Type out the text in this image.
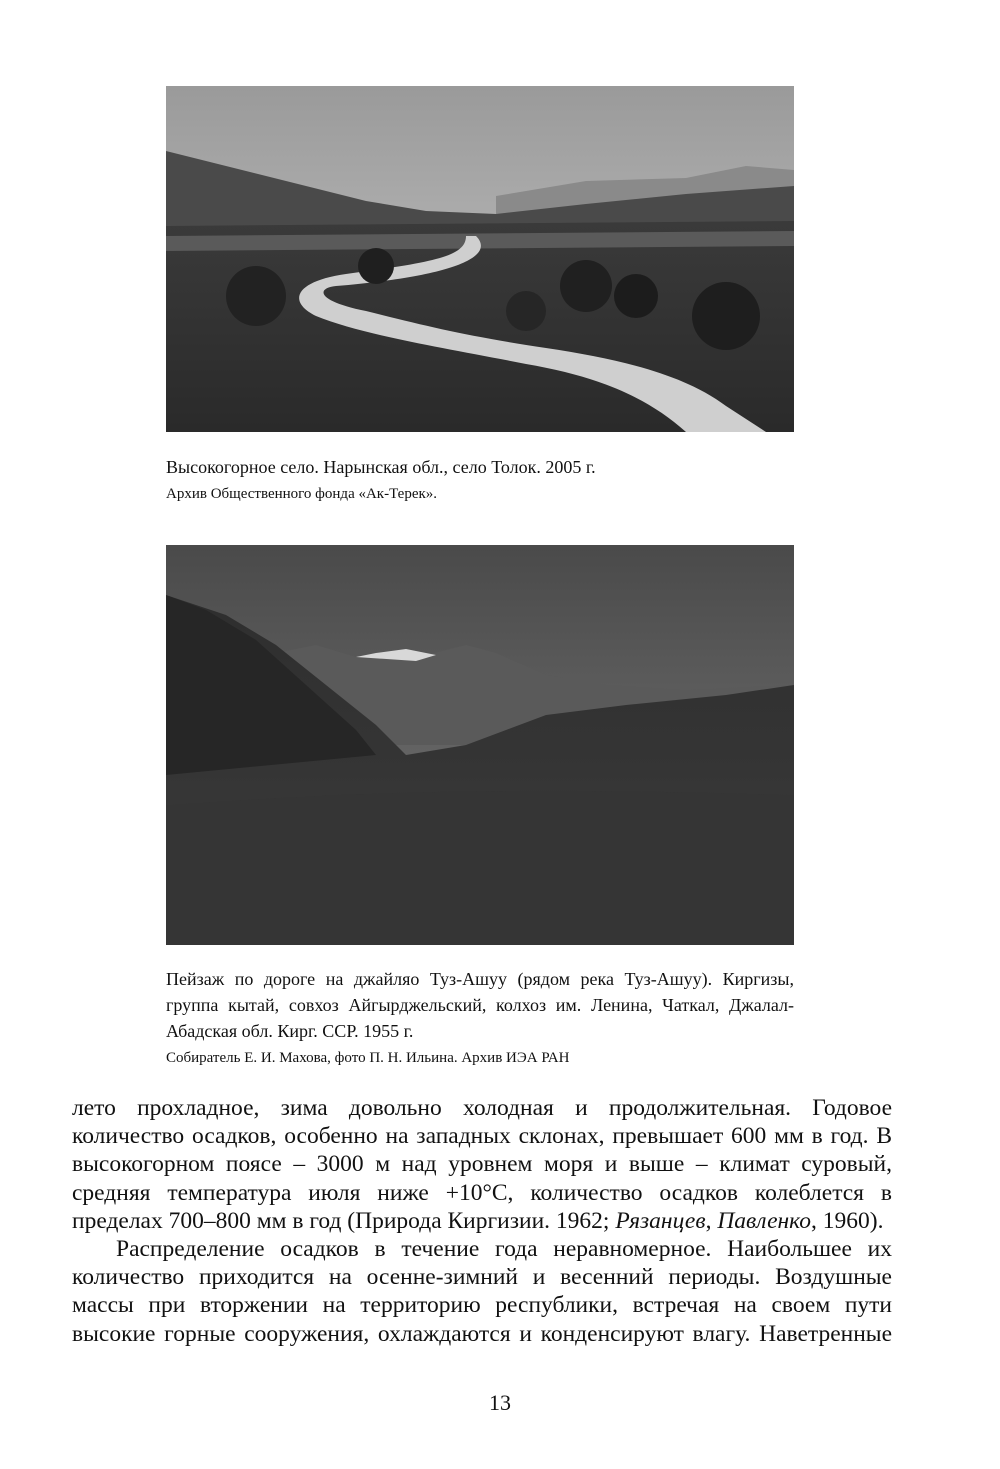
Высокогорное село. Нарынская обл., село Толок. 2005 г.

Архив Общественного фонда «Ак-Терек».

Пейзаж по дороге на джайляо Туз-Ашуу (рядом река Туз-Ашуу). Киргизы, группа кытай, совхоз Айгырджельский, колхоз им. Ленина, Чаткал, Джалал-Абадская обл. Кирг. ССР. 1955 г.

Собиратель Е. И. Махова, фото П. Н. Ильина. Архив ИЭА РАН

лето прохладное, зима довольно холодная и продолжительная. Годовое количество осадков, особенно на западных склонах, превышает 600 мм в год. В высокогорном поясе – 3000 м над уровнем моря и выше – климат суровый, средняя температура июля ниже +10°С, количество осадков колеблется в пределах 700–800 мм в год (Природа Киргизии. 1962; Рязанцев, Павленко, 1960).

Распределение осадков в течение года неравномерное. Наибольшее их количество приходится на осенне-зимний и весенний периоды. Воздушные массы при вторжении на территорию республики, встречая на своем пути высокие горные сооружения, охлаждаются и конденсируют влагу. Наветренные

13
